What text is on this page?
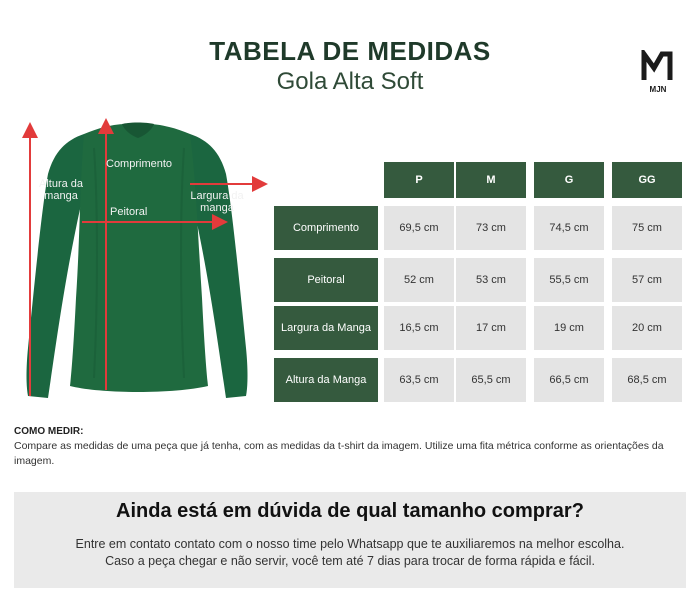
TABELA DE MEDIDAS
Gola Alta Soft	MJN
Comprimento
Altura da manga
Peitoral
Largura da manga
P	M	G	GG
Comprimento	69,5 cm	73 cm	74,5 cm	75 cm
Peitoral	52 cm	53 cm	55,5 cm	57 cm
Largura da Manga	16,5 cm	17 cm	19 cm	20 cm
Altura da Manga	63,5 cm	65,5 cm	66,5 cm	68,5 cm
COMO MEDIR:
Compare as medidas de uma peça que já tenha, com as medidas da t-shirt da imagem. Utilize uma fita métrica conforme as orientações da imagem.
Ainda está em dúvida de qual tamanho comprar?
Entre em contato contato com o nosso time pelo Whatsapp que te auxiliaremos na melhor escolha.
Caso a peça chegar e não servir, você tem até 7 dias para trocar de forma rápida e fácil.
